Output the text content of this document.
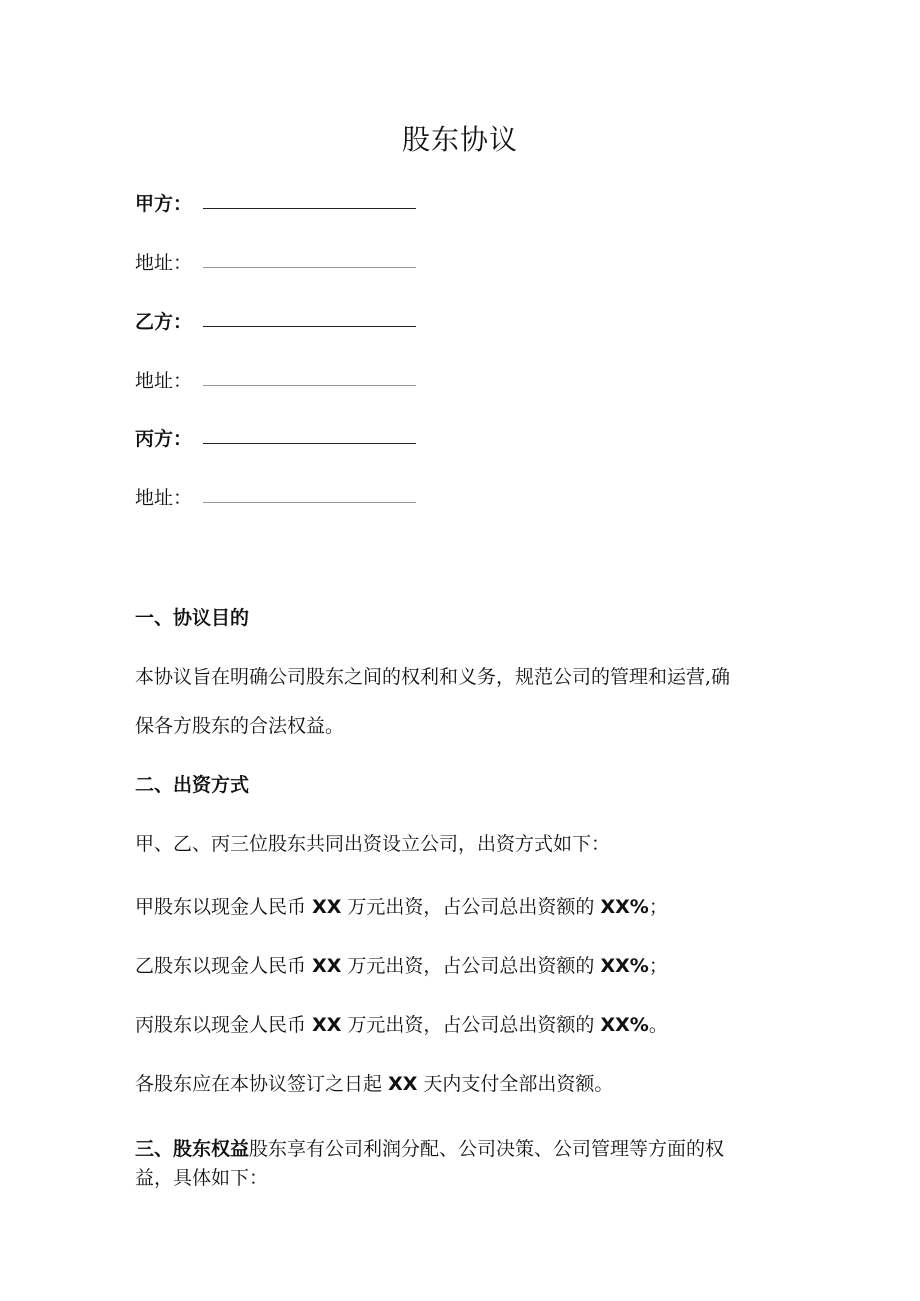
股东协议
甲方：
地址：
乙方：
地址：
丙方：
地址：
一、协议目的
本协议旨在明确公司股东之间的权利和义务，规范公司的管理和运营,确
保各方股东的合法权益。
二、出资方式
甲、乙、丙三位股东共同出资设立公司，出资方式如下：
甲股东以现金人民币 XX 万元出资，占公司总出资额的 XX%；
乙股东以现金人民币 XX 万元出资，占公司总出资额的 XX%；
丙股东以现金人民币 XX 万元出资，占公司总出资额的 XX%。
各股东应在本协议签订之日起 XX 天内支付全部出资额。
三、股东权益股东享有公司利润分配、公司决策、公司管理等方面的权
益，具体如下：
